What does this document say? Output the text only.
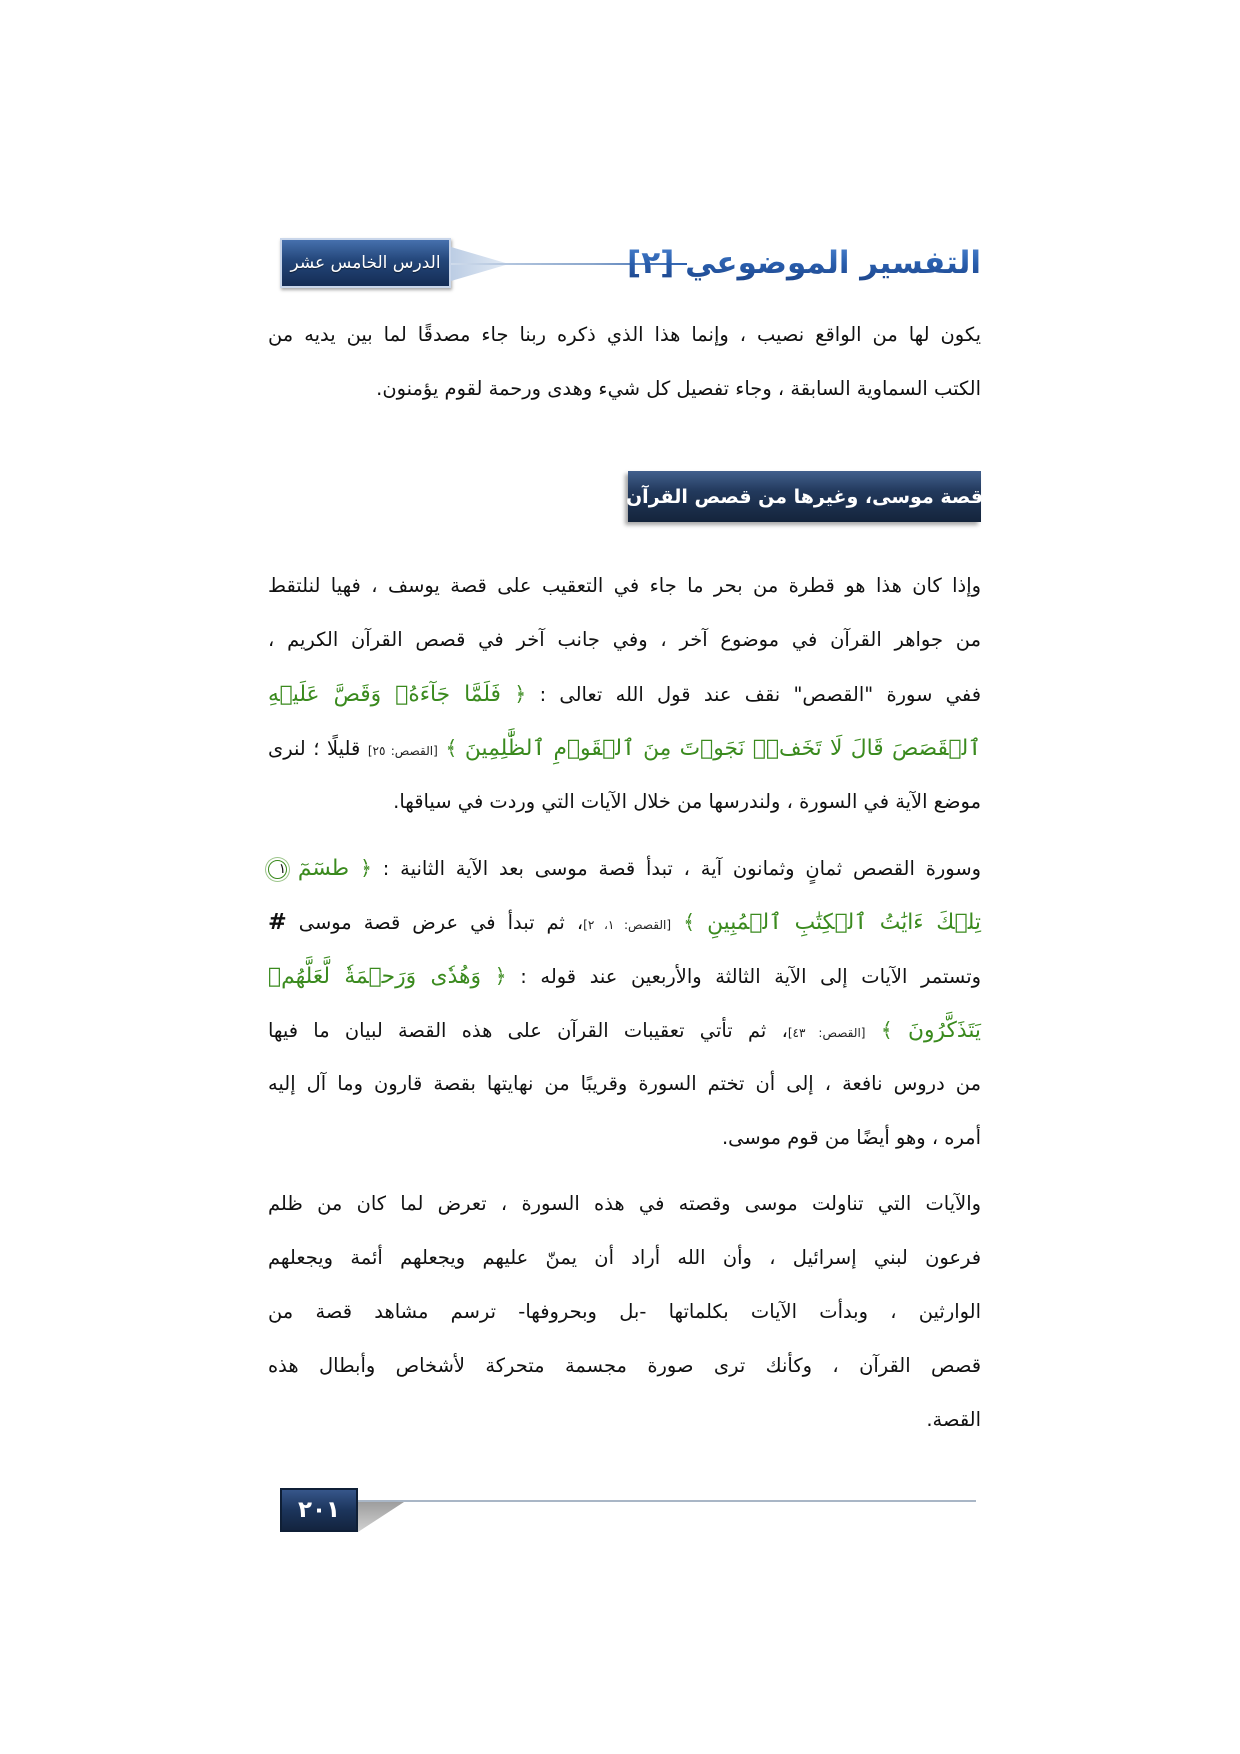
الدرس الخامس عشر	التفسير الموضوعي [٢]
يكون لها من الواقع نصيب ، وإنما هذا الذي ذكره ربنا جاء مصدقًا لما بين يديه من
الكتب السماوية السابقة ، وجاء تفصيل كل شيء وهدى ورحمة لقوم يؤمنون.
قصة موسى، وغيرها من قصص القرآن
وإذا كان هذا هو قطرة من بحر ما جاء في التعقيب على قصة يوسف ، فهيا لنلتقط
من جواهر القرآن في موضوع آخر ، وفي جانب آخر في قصص القرآن الكريم ،
ففي سورة "القصص" نقف عند قول الله تعالى : ﴿ فَلَمَّا جَآءَهُۥ وَقَصَّ عَلَيۡهِ
ٱلۡقَصَصَ قَالَ لَا تَخَفۡۖ نَجَوۡتَ مِنَ ٱلۡقَوۡمِ ٱلظَّٰلِمِينَ ﴾ [القصص: ٢٥] قليلًا ؛ لنرى
موضع الآية في السورة ، ولندرسها من خلال الآيات التي وردت في سياقها.
وسورة القصص ثمانٍ وثمانون آية ، تبدأ قصة موسى بعد الآية الثانية : ﴿ طسٓمٓ ١
تِلۡكَ ءَايَٰتُ ٱلۡكِتَٰبِ ٱلۡمُبِينِ ﴾ [القصص: ١، ٢]، ثم تبدأ في عرض قصة موسى #
وتستمر الآيات إلى الآية الثالثة والأربعين عند قوله : ﴿ وَهُدٗى وَرَحۡمَةٗ لَّعَلَّهُمۡ
يَتَذَكَّرُونَ ﴾ [القصص: ٤٣]، ثم تأتي تعقيبات القرآن على هذه القصة لبيان ما فيها
من دروس نافعة ، إلى أن تختم السورة وقريبًا من نهايتها بقصة قارون وما آل إليه
أمره ، وهو أيضًا من قوم موسى.
والآيات التي تناولت موسى وقصته في هذه السورة ، تعرض لما كان من ظلم
فرعون لبني إسرائيل ، وأن الله أراد أن يمنّ عليهم ويجعلهم أئمة ويجعلهم
الوارثين ، وبدأت الآيات بكلماتها -بل وبحروفها- ترسم مشاهد قصة من
قصص القرآن ، وكأنك ترى صورة مجسمة متحركة لأشخاص وأبطال هذه
القصة.
٢٠١
